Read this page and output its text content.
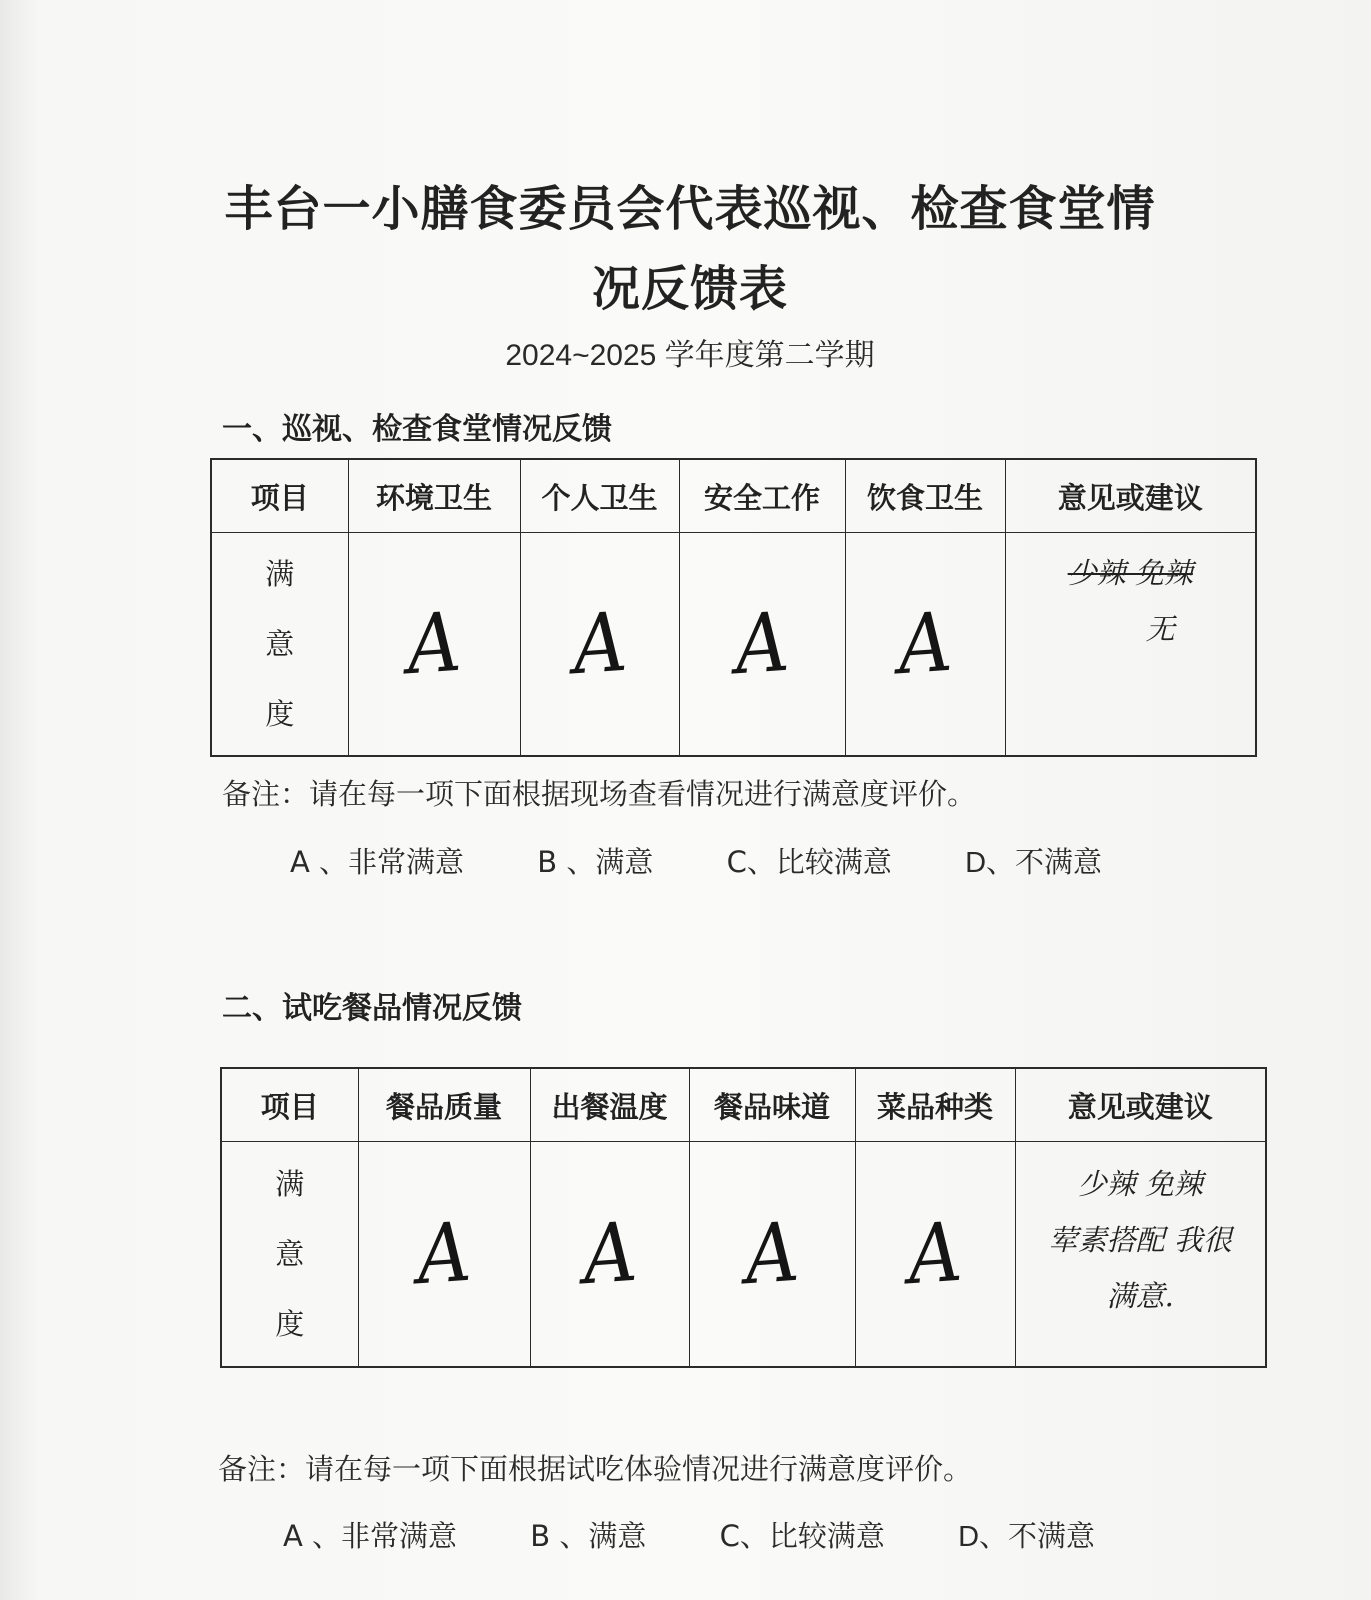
丰台一小膳食委员会代表巡视、检查食堂情
况反馈表
2024~2025 学年度第二学期
一、巡视、检查食堂情况反馈
项目	环境卫生	个人卫生	安全工作	饮食卫生	意见或建议

满
意
度	A	A	A	A	少辣 免辣
无
备注：请在每一项下面根据现场查看情况进行满意度评价。
A 、非常满意	B 、满意	C、比较满意	D、不满意
二、试吃餐品情况反馈
项目	餐品质量	出餐温度	餐品味道	菜品种类	意见或建议

满
意
度	A	A	A	A	少辣 免辣
荤素搭配 我很
满意.
备注：请在每一项下面根据试吃体验情况进行满意度评价。
A 、非常满意	B 、满意	C、比较满意	D、不满意
